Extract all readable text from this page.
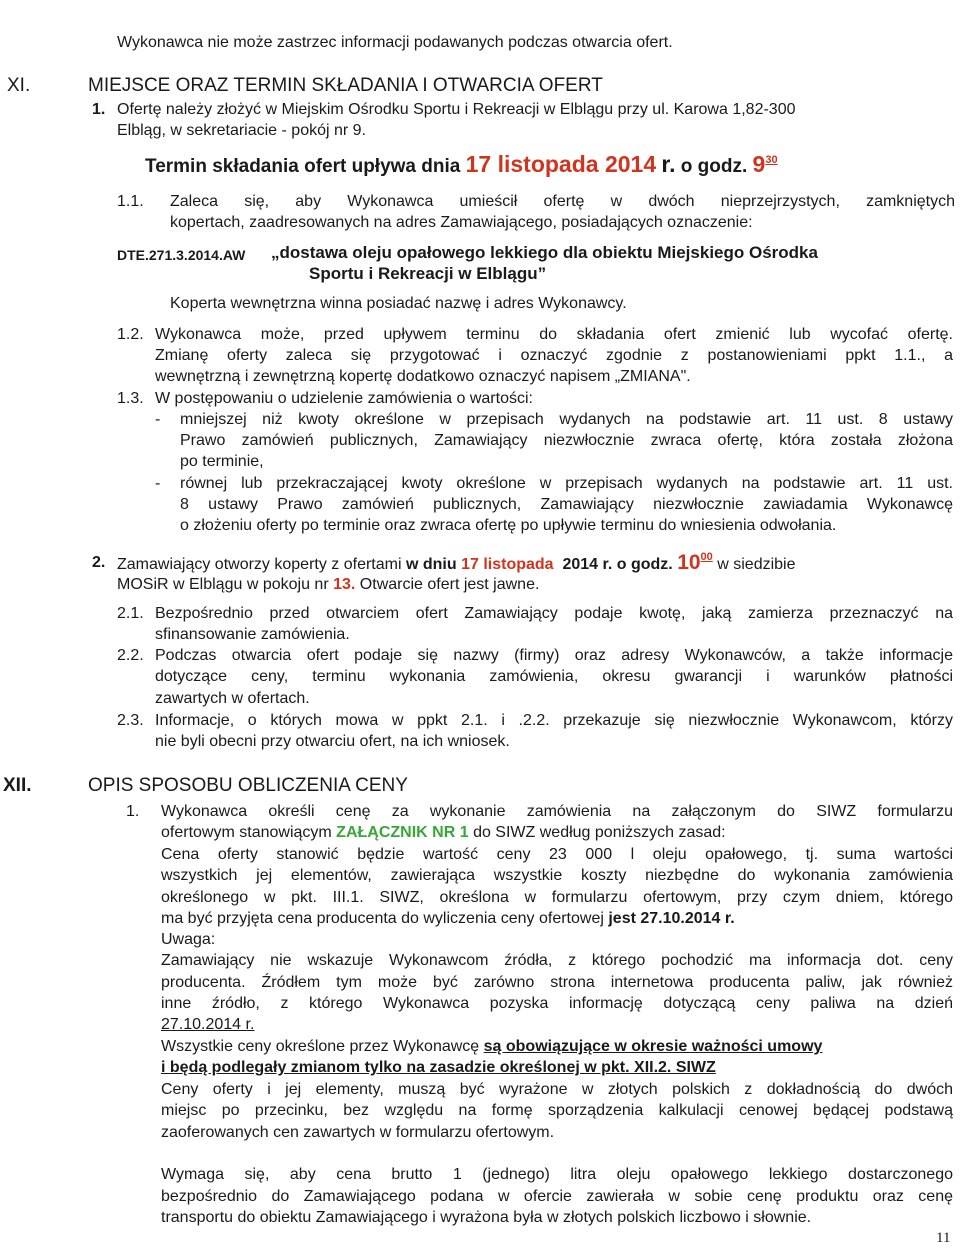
Wykonawca nie może zastrzec informacji podawanych podczas otwarcia ofert.
XI.	MIEJSCE ORAZ TERMIN SKŁADANIA I OTWARCIA OFERT
1. Ofertę należy złożyć w Miejskim Ośrodku Sportu i Rekreacji w Elblągu przy ul. Karowa 1,82-300
Elbląg, w sekretariacie - pokój nr 9.
Termin składania ofert upływa dnia 17 listopada 2014 r. o godz. $9^{30}$
1.1. Zaleca się, aby Wykonawca umieścił ofertę w dwóch nieprzejrzystych, zamkniętych
kopertach, zaadresowanych na adres Zamawiającego, posiadających oznaczenie:
DTE.271.3.2014.AW „dostawa oleju opałowego lekkiego dla obiektu Miejskiego Ośrodka
Sportu i Rekreacji w Elblągu”
Koperta wewnętrzna winna posiadać nazwę i adres Wykonawcy.
1.2. Wykonawca może, przed upływem terminu do składania ofert zmienić lub wycofać ofertę.
Zmianę oferty zaleca się przygotować i oznaczyć zgodnie z postanowieniami ppkt 1.1., a
wewnętrzną i zewnętrzną kopertę dodatkowo oznaczyć napisem „ZMIANA".
1.3. W postępowaniu o udzielenie zamówienia o wartości:
- mniejszej niż kwoty określone w przepisach wydanych na podstawie art. 11 ust. 8 ustawy
Prawo zamówień publicznych, Zamawiający niezwłocznie zwraca ofertę, która została złożona
po terminie,
- równej lub przekraczającej kwoty określone w przepisach wydanych na podstawie art. 11 ust.
8 ustawy Prawo zamówień publicznych, Zamawiający niezwłocznie zawiadamia Wykonawcę
o złożeniu oferty po terminie oraz zwraca ofertę po upływie terminu do wniesienia odwołania.
2. Zamawiający otworzy koperty z ofertami w dniu 17 listopada 2014 r. o godz. $10^{00}$ w siedzibie
MOSiR w Elblągu w pokoju nr 13. Otwarcie ofert jest jawne.
2.1. Bezpośrednio przed otwarciem ofert Zamawiający podaje kwotę, jaką zamierza przeznaczyć na
sfinansowanie zamówienia.
2.2. Podczas otwarcia ofert podaje się nazwy (firmy) oraz adresy Wykonawców, a także informacje
dotyczące ceny, terminu wykonania zamówienia, okresu gwarancji i warunków płatności
zawartych w ofertach.
2.3. Informacje, o których mowa w ppkt 2.1. i .2.2. przekazuje się niezwłocznie Wykonawcom, którzy
nie byli obecni przy otwarciu ofert, na ich wniosek.
XII.	OPIS SPOSOBU OBLICZENIA CENY
1. Wykonawca określi cenę za wykonanie zamówienia na załączonym do SIWZ formularzu
ofertowym stanowiącym ZAŁĄCZNIK NR 1 do SIWZ według poniższych zasad:
Cena oferty stanowić będzie wartość ceny 23 000 l oleju opałowego, tj. suma wartości
wszystkich jej elementów, zawierająca wszystkie koszty niezbędne do wykonania zamówienia
określonego w pkt. III.1. SIWZ, określona w formularzu ofertowym, przy czym dniem, którego
ma być przyjęta cena producenta do wyliczenia ceny ofertowej jest 27.10.2014 r.
Uwaga:
Zamawiający nie wskazuje Wykonawcom źródła, z którego pochodzić ma informacja dot. ceny
producenta. Źródłem tym może być zarówno strona internetowa producenta paliw, jak również
inne źródło, z którego Wykonawca pozyska informację dotyczącą ceny paliwa na dzień
27.10.2014 r.
Wszystkie ceny określone przez Wykonawcę są obowiązujące w okresie ważności umowy
i będą podlegały zmianom tylko na zasadzie określonej w pkt. XII.2. SIWZ
Ceny oferty i jej elementy, muszą być wyrażone w złotych polskich z dokładnością do dwóch
miejsc po przecinku, bez względu na formę sporządzenia kalkulacji cenowej będącej podstawą
zaoferowanych cen zawartych w formularzu ofertowym.
Wymaga się, aby cena brutto 1 (jednego) litra oleju opałowego lekkiego dostarczonego
bezpośrednio do Zamawiającego podana w ofercie zawierała w sobie cenę produktu oraz cenę
transportu do obiektu Zamawiającego i wyrażona była w złotych polskich liczbowo i słownie.
11
